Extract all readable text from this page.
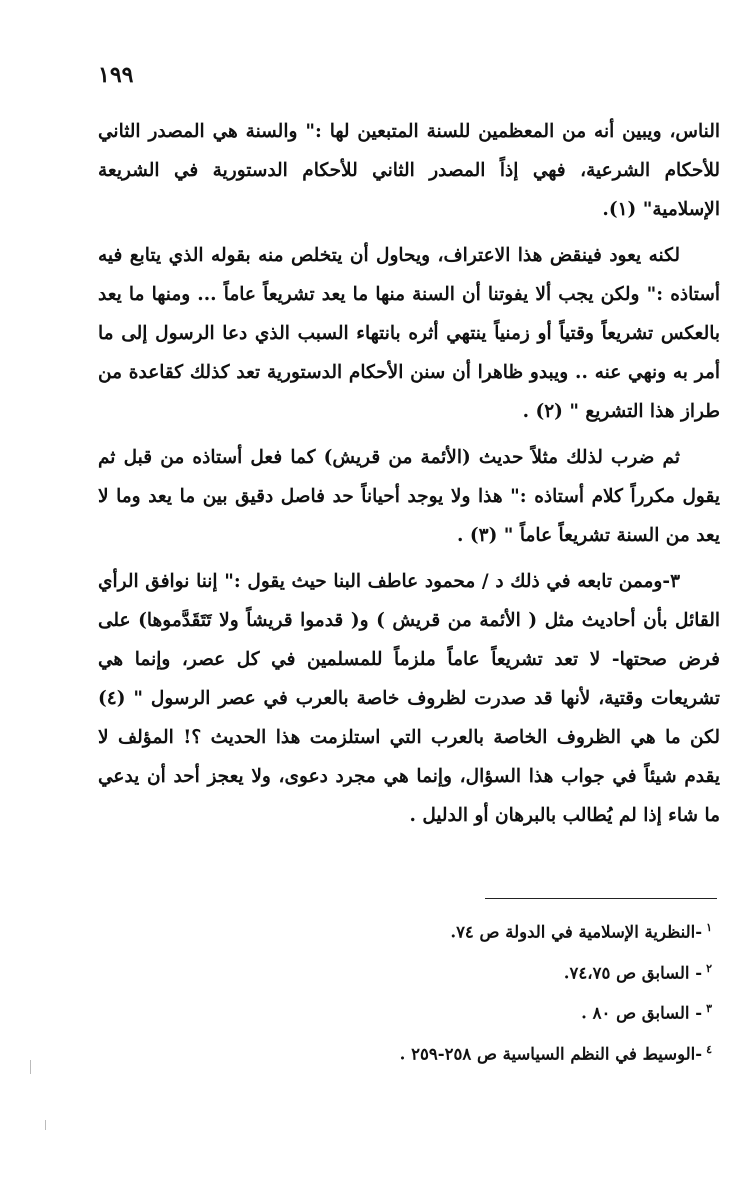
١٩٩

الناس، ويبين أنه من المعظمين للسنة المتبعين لها :" والسنة هي المصدر الثاني للأحكام الشرعية، فهي إذاً المصدر الثاني للأحكام الدستورية في الشريعة الإسلامية" (١).

لكنه يعود فينقض هذا الاعتراف، ويحاول أن يتخلص منه بقوله الذي يتابع فيه أستاذه :" ولكن يجب ألا يفوتنا أن السنة منها ما يعد تشريعاً عاماً ... ومنها ما يعد بالعكس تشريعاً وقتياً أو زمنياً ينتهي أثره بانتهاء السبب الذي دعا الرسول إلى ما أمر به ونهي عنه .. ويبدو ظاهرا أن سنن الأحكام الدستورية تعد كذلك كقاعدة من طراز هذا التشريع " (٢) .

ثم ضرب لذلك مثلاً حديث (الأئمة من قريش) كما فعل أستاذه من قبل ثم يقول مكرراً كلام أستاذه :" هذا ولا يوجد أحياناً حد فاصل دقيق بين ما يعد وما لا يعد من السنة تشريعاً عاماً " (٣) .

٣-وممن تابعه في ذلك د / محمود عاطف البنا حيث يقول :" إننا نوافق الرأي القائل بأن أحاديث مثل ( الأئمة من قريش ) و( قدموا قريشاً ولا تَتَقَدَّموها) على فرض صحتها- لا تعد تشريعاً عاماً ملزماً للمسلمين في كل عصر، وإنما هي تشريعات وقتية، لأنها قد صدرت لظروف خاصة بالعرب في عصر الرسول " (٤) لكن ما هي الظروف الخاصة بالعرب التي استلزمت هذا الحديث ؟! المؤلف لا يقدم شيئاً في جواب هذا السؤال، وإنما هي مجرد دعوى، ولا يعجز أحد أن يدعي ما شاء إذا لم يُطالب بالبرهان أو الدليل .

$^١$-النظرية الإسلامية في الدولة ص ٧٤.

$^٢$- السابق ص ٧٤،٧٥.

$^٣$- السابق ص ٨٠ .

$^٤$-الوسيط في النظم السياسية ص ٢٥٨-٢٥٩ .
